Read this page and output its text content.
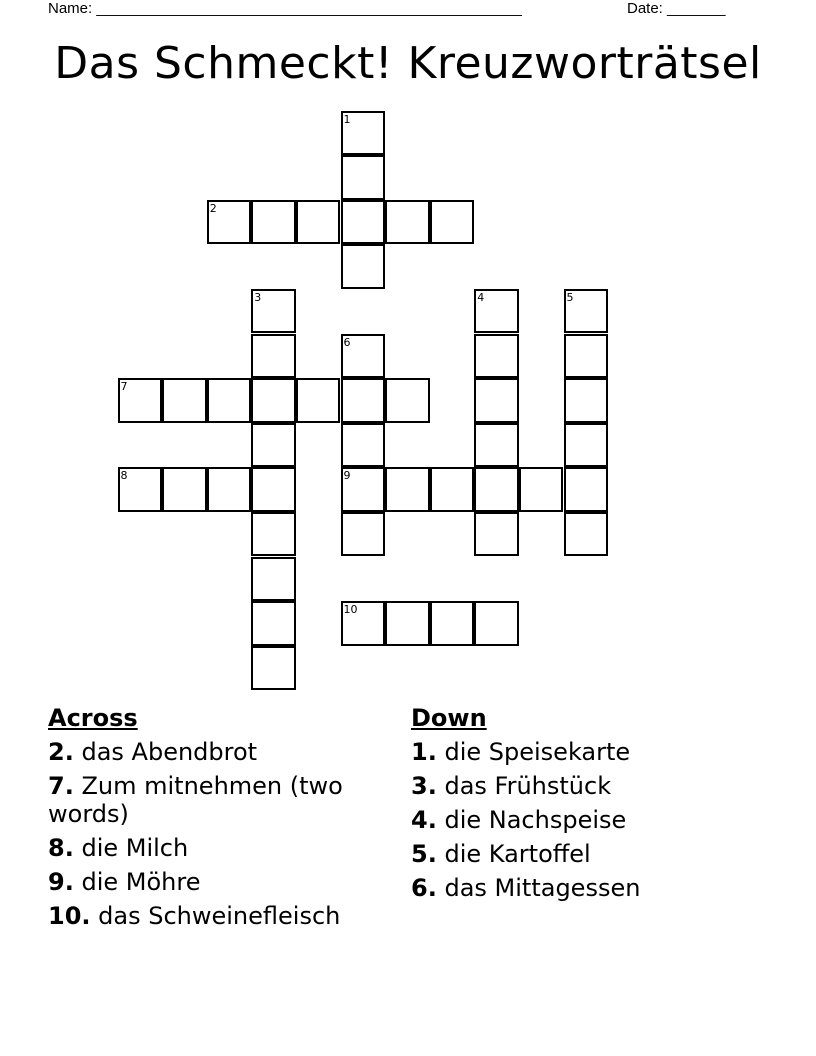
Name: ___________________________________________________	Date: _______
Das Schmeckt! Kreuzworträtsel
1
2
3	4	5
6
9
7
8
10
Across
2. das Abendbrot
7. Zum mitnehmen (two words)
8. die Milch
9. die Möhre
10. das Schweinefleisch
Down
1. die Speisekarte
3. das Frühstück
4. die Nachspeise
5. die Kartoffel
6. das Mittagessen
